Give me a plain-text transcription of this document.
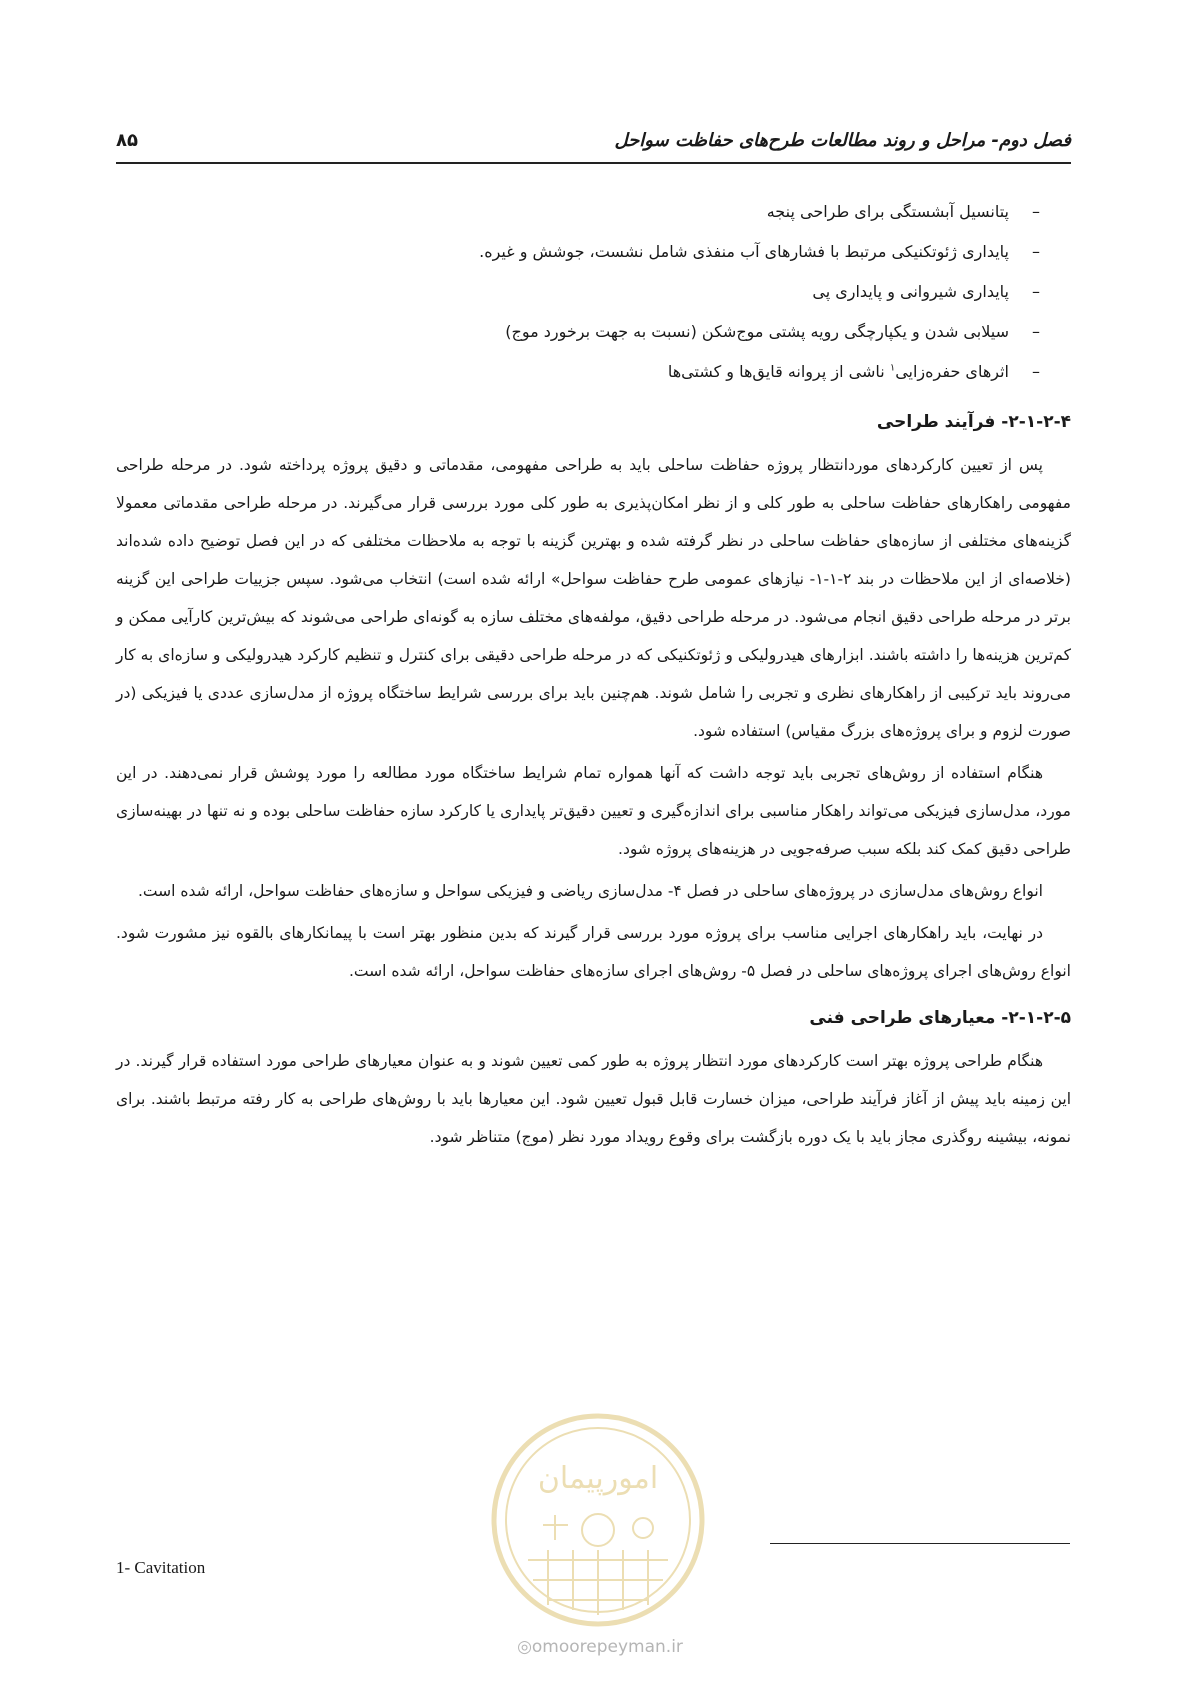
فصل دوم- مراحل و روند مطالعات طرح‌های حفاظت سواحل
۸۵
–
پتانسیل آبشستگی برای طراحی پنجه
–
پایداری ژئوتکنیکی مرتبط با فشارهای آب منفذی شامل نشست، جوشش و غیره.
–
پایداری شیروانی و پایداری پی
–
سیلابی شدن و یکپارچگی رویه پشتی موج‌شکن (نسبت به جهت برخورد موج)
–
اثرهای حفره‌زایی$^۱$ ناشی از پروانه قایق‌ها و کشتی‌ها
۲-۱-۲-۴- فرآیند طراحی

پس از تعیین کارکردهای موردانتظار پروژه حفاظت ساحلی باید به طراحی مفهومی، مقدماتی و دقیق پروژه پرداخته شود. در مرحله طراحی مفهومی راهکارهای حفاظت ساحلی به طور کلی و از نظر امکان‌پذیری به طور کلی مورد بررسی قرار می‌گیرند. در مرحله طراحی مقدماتی معمولا گزینه‌های مختلفی از سازه‌های حفاظت ساحلی در نظر گرفته شده و بهترین گزینه با توجه به ملاحظات مختلفی که در این فصل توضیح داده شده‌اند (خلاصه‌ای از این ملاحظات در بند ۲-۱-۱- نیازهای عمومی طرح حفاظت سواحل» ارائه شده است) انتخاب می‌شود. سپس جزییات طراحی این گزینه برتر در مرحله طراحی دقیق انجام می‌شود. در مرحله طراحی دقیق، مولفه‌های مختلف سازه به گونه‌ای طراحی می‌شوند که بیش‌ترین کارآیی ممکن و کم‌ترین هزینه‌ها را داشته باشند. ابزارهای هیدرولیکی و ژئوتکنیکی که در مرحله طراحی دقیقی برای کنترل و تنظیم کارکرد هیدرولیکی و سازه‌ای به کار می‌روند باید ترکیبی از راهکارهای نظری و تجربی را شامل شوند. هم‌چنین باید برای بررسی شرایط ساختگاه پروژه از مدل‌سازی عددی یا فیزیکی (در صورت لزوم و برای پروژه‌های بزرگ مقیاس) استفاده شود.

هنگام استفاده از روش‌های تجربی باید توجه داشت که آنها همواره تمام شرایط ساختگاه مورد مطالعه را مورد پوشش قرار نمی‌دهند. در این مورد، مدل‌سازی فیزیکی می‌تواند راهکار مناسبی برای اندازه‌گیری و تعیین دقیق‌تر پایداری یا کارکرد سازه حفاظت ساحلی بوده و نه تنها در بهینه‌سازی طراحی دقیق کمک کند بلکه سبب صرفه‌جویی در هزینه‌های پروژه شود.

انواع روش‌های مدل‌سازی در پروژه‌های ساحلی در فصل ۴- مدل‌سازی ریاضی و فیزیکی سواحل و سازه‌های حفاظت سواحل، ارائه شده است.

در نهایت، باید راهکارهای اجرایی مناسب برای پروژه مورد بررسی قرار گیرند که بدین منظور بهتر است با پیمانکارهای بالقوه نیز مشورت شود. انواع روش‌های اجرای پروژه‌های ساحلی در فصل ۵- روش‌های اجرای سازه‌های حفاظت سواحل، ارائه شده است.

۲-۱-۲-۵- معیارهای طراحی فنی

هنگام طراحی پروژه بهتر است کارکردهای مورد انتظار پروژه به طور کمی تعیین شوند و به عنوان معیارهای طراحی مورد استفاده قرار گیرند. در این زمینه باید پیش از آغاز فرآیند طراحی، میزان خسارت قابل قبول تعیین شود. این معیارها باید با روش‌های طراحی به کار رفته مرتبط باشند. برای نمونه، بیشینه روگذری مجاز باید با یک دوره بازگشت برای وقوع رویداد مورد نظر (موج) متناظر شود.

امورپیمان
◎omoorepeyman.ir
1- Cavitation
